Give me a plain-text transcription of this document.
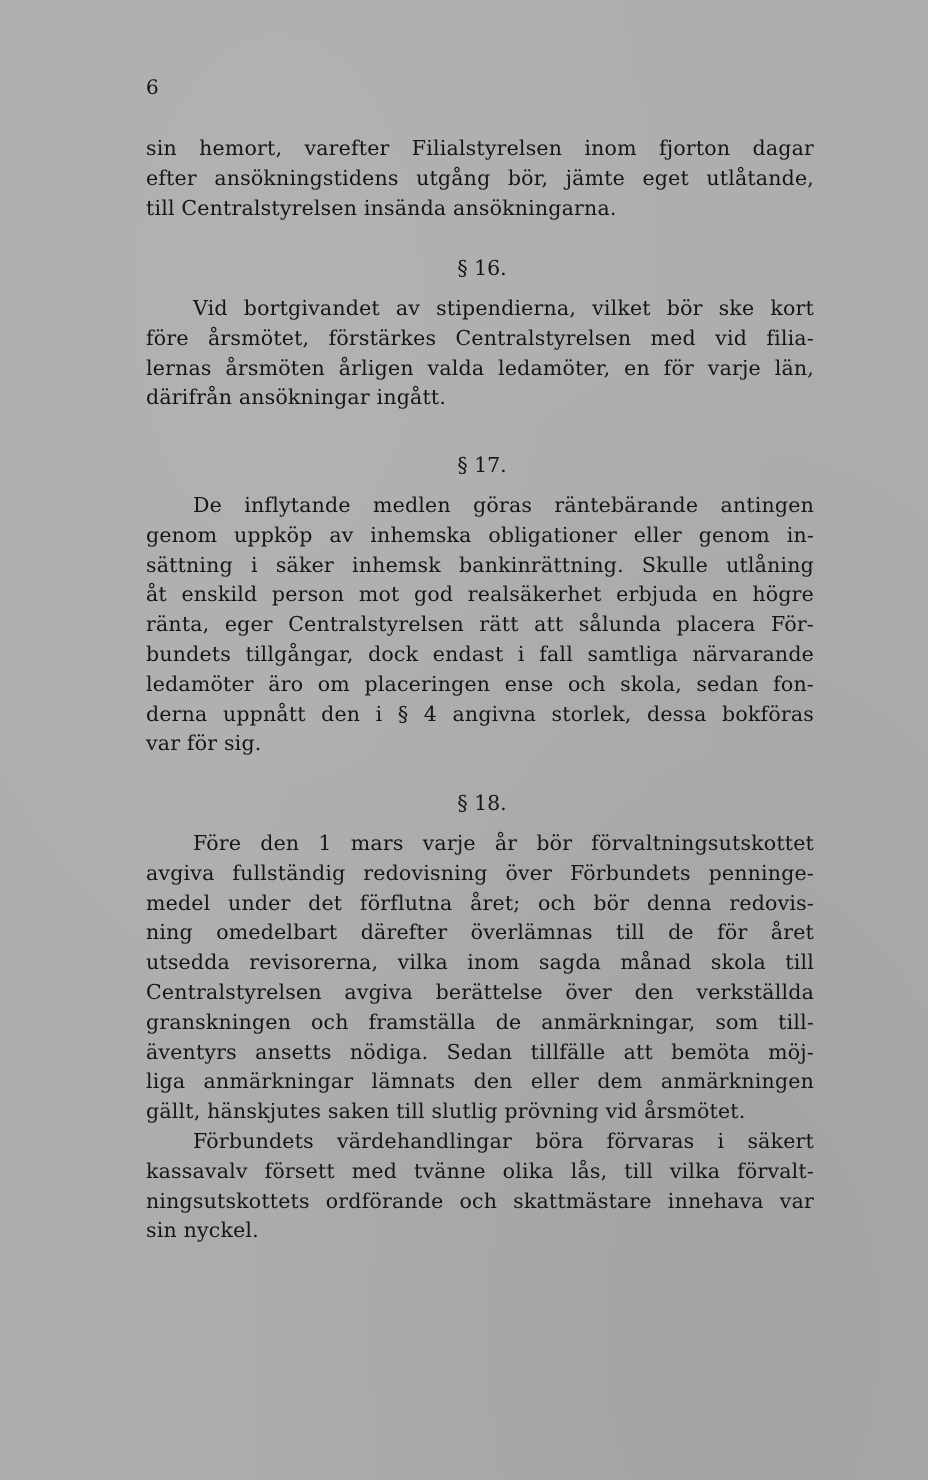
6
sin hemort, varefter Filialstyrelsen inom fjorton dagar
efter ansökningstidens utgång bör, jämte eget utlåtande,
till Centralstyrelsen insända ansökningarna.
§ 16.
Vid bortgivandet av stipendierna, vilket bör ske kort
före årsmötet, förstärkes Centralstyrelsen med vid filia-
lernas årsmöten årligen valda ledamöter, en för varje län,
därifrån ansökningar ingått.
§ 17.
De inflytande medlen göras räntebärande antingen
genom uppköp av inhemska obligationer eller genom in-
sättning i säker inhemsk bankinrättning. Skulle utlåning
åt enskild person mot god realsäkerhet erbjuda en högre
ränta, eger Centralstyrelsen rätt att sålunda placera För-
bundets tillgångar, dock endast i fall samtliga närvarande
ledamöter äro om placeringen ense och skola, sedan fon-
derna uppnått den i § 4 angivna storlek, dessa bokföras
var för sig.
§ 18.
Före den 1 mars varje år bör förvaltningsutskottet
avgiva fullständig redovisning över Förbundets penninge-
medel under det förflutna året; och bör denna redovis-
ning omedelbart därefter överlämnas till de för året
utsedda revisorerna, vilka inom sagda månad skola till
Centralstyrelsen avgiva berättelse över den verkställda
granskningen och framställa de anmärkningar, som till-
äventyrs ansetts nödiga. Sedan tillfälle att bemöta möj-
liga anmärkningar lämnats den eller dem anmärkningen
gällt, hänskjutes saken till slutlig prövning vid årsmötet.
Förbundets värdehandlingar böra förvaras i säkert
kassavalv försett med tvänne olika lås, till vilka förvalt-
ningsutskottets ordförande och skattmästare innehava var
sin nyckel.
